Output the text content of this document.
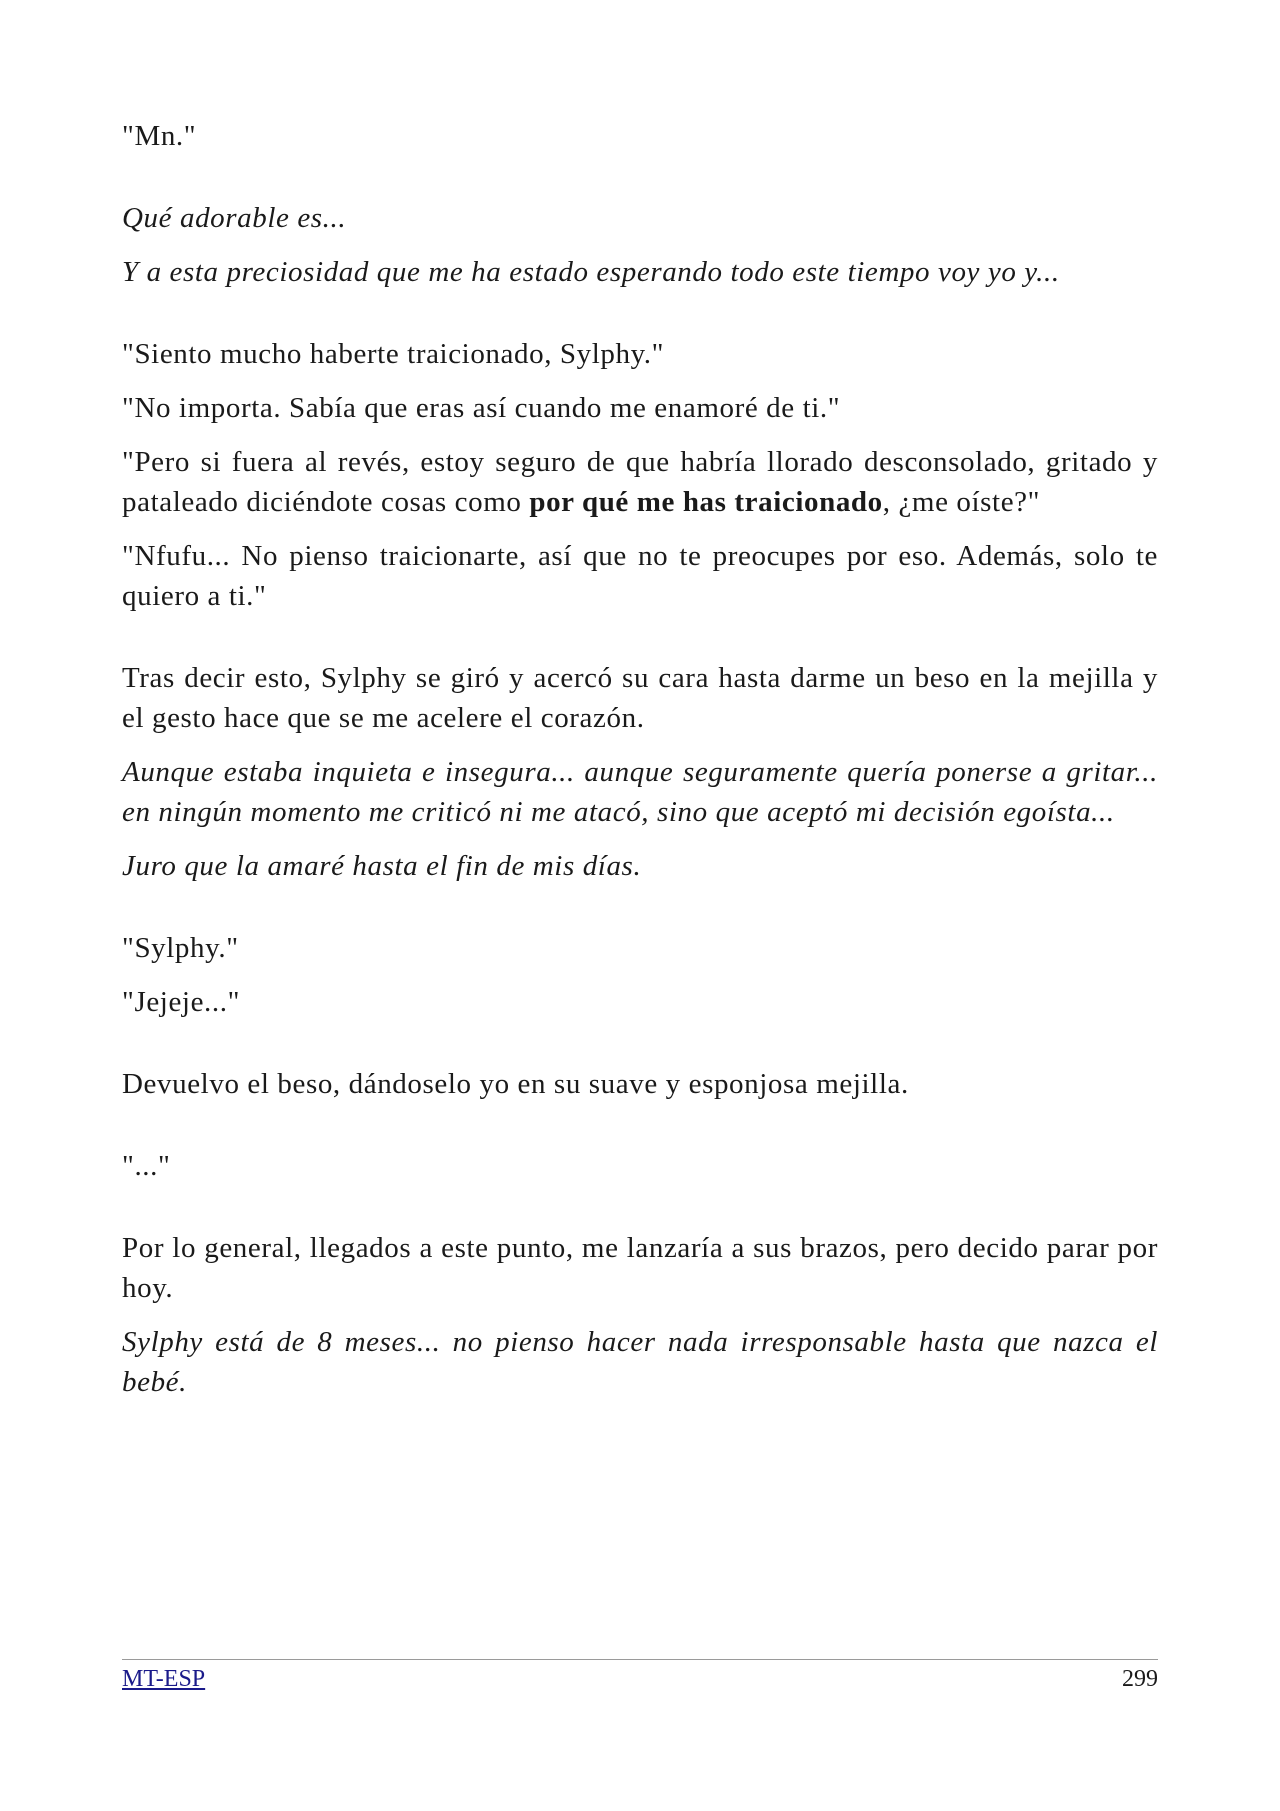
"Mn."

Qué adorable es...

Y a esta preciosidad que me ha estado esperando todo este tiempo voy yo y...

"Siento mucho haberte traicionado, Sylphy."

"No importa. Sabía que eras así cuando me enamoré de ti."

"Pero si fuera al revés, estoy seguro de que habría llorado desconsolado, gritado y pataleado diciéndote cosas como por qué me has traicionado, ¿me oíste?"

"Nfufu... No pienso traicionarte, así que no te preocupes por eso. Además, solo te quiero a ti."

Tras decir esto, Sylphy se giró y acercó su cara hasta darme un beso en la mejilla y el gesto hace que se me acelere el corazón.

Aunque estaba inquieta e insegura... aunque seguramente quería ponerse a gritar... en ningún momento me criticó ni me atacó, sino que aceptó mi decisión egoísta...

Juro que la amaré hasta el fin de mis días.

"Sylphy."

"Jejeje..."

Devuelvo el beso, dándoselo yo en su suave y esponjosa mejilla.

"..."

Por lo general, llegados a este punto, me lanzaría a sus brazos, pero decido parar por hoy.

Sylphy está de 8 meses... no pienso hacer nada irresponsable hasta que nazca el bebé.

MT-ESP	299
